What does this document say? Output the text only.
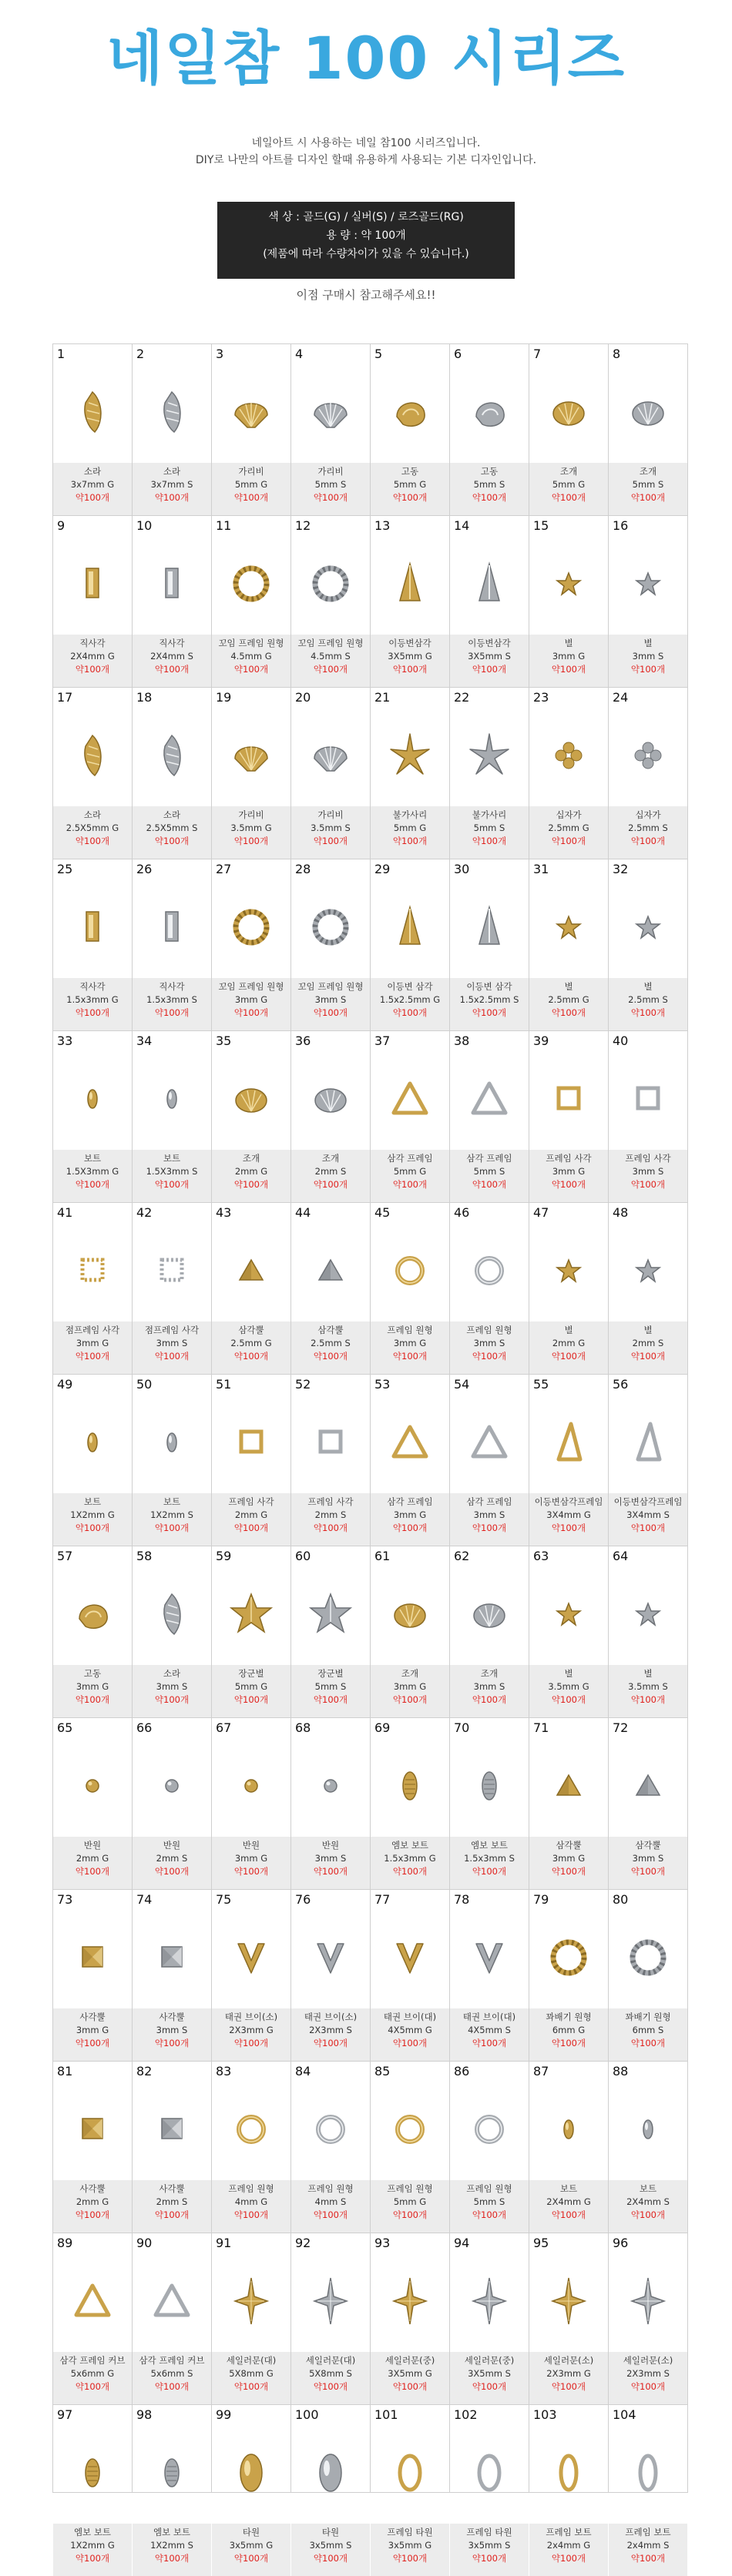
네일참 100 시리즈
네일아트 시 사용하는 네일 참100 시리즈입니다.
DIY로 나만의 아트를 디자인 할때 유용하게 사용되는 기본 디자인입니다.
색 상 : 골드(G) / 실버(S) / 로즈골드(RG)
용 량 : 약 100개
(제품에 따라 수량차이가 있을 수 있습니다.)
이점 구매시 참고해주세요!!
1
소라
3x7mm G
약100개
2
소라
3x7mm S
약100개
3
가리비
5mm G
약100개
4
가리비
5mm S
약100개
5
고동
5mm G
약100개
6
고동
5mm S
약100개
7
조개
5mm G
약100개
8
조개
5mm S
약100개
9
직사각
2X4mm G
약100개
10
직사각
2X4mm S
약100개
11
꼬임 프레임 원형
4.5mm G
약100개
12
꼬임 프레임 원형
4.5mm S
약100개
13
이등변삼각
3X5mm G
약100개
14
이등변삼각
3X5mm S
약100개
15
별
3mm G
약100개
16
별
3mm S
약100개
17
소라
2.5X5mm G
약100개
18
소라
2.5X5mm S
약100개
19
가리비
3.5mm G
약100개
20
가리비
3.5mm S
약100개
21
불가사리
5mm G
약100개
22
불가사리
5mm S
약100개
23
십자가
2.5mm G
약100개
24
십자가
2.5mm S
약100개
25
직사각
1.5x3mm G
약100개
26
직사각
1.5x3mm S
약100개
27
꼬임 프레임 원형
3mm G
약100개
28
꼬임 프레임 원형
3mm S
약100개
29
이등변 삼각
1.5x2.5mm G
약100개
30
이등변 삼각
1.5x2.5mm S
약100개
31
별
2.5mm G
약100개
32
별
2.5mm S
약100개
33
보트
1.5X3mm G
약100개
34
보트
1.5X3mm S
약100개
35
조개
2mm G
약100개
36
조개
2mm S
약100개
37
삼각 프레임
5mm G
약100개
38
삼각 프레임
5mm S
약100개
39
프레임 사각
3mm G
약100개
40
프레임 사각
3mm S
약100개
41
점프레임 사각
3mm G
약100개
42
점프레임 사각
3mm S
약100개
43
삼각뿔
2.5mm G
약100개
44
삼각뿔
2.5mm S
약100개
45
프레임 원형
3mm G
약100개
46
프레임 원형
3mm S
약100개
47
별
2mm G
약100개
48
별
2mm S
약100개
49
보트
1X2mm G
약100개
50
보트
1X2mm S
약100개
51
프레임 사각
2mm G
약100개
52
프레임 사각
2mm S
약100개
53
삼각 프레임
3mm G
약100개
54
삼각 프레임
3mm S
약100개
55
이등변삼각프레임
3X4mm G
약100개
56
이등변삼각프레임
3X4mm S
약100개
57
고동
3mm G
약100개
58
소라
3mm S
약100개
59
장군별
5mm G
약100개
60
장군별
5mm S
약100개
61
조개
3mm G
약100개
62
조개
3mm S
약100개
63
별
3.5mm G
약100개
64
별
3.5mm S
약100개
65
반원
2mm G
약100개
66
반원
2mm S
약100개
67
반원
3mm G
약100개
68
반원
3mm S
약100개
69
엠보 보트
1.5x3mm G
약100개
70
엠보 보트
1.5x3mm S
약100개
71
삼각뿔
3mm G
약100개
72
삼각뿔
3mm S
약100개
73
사각뿔
3mm G
약100개
74
사각뿔
3mm S
약100개
75
태권 브이(소)
2X3mm G
약100개
76
태권 브이(소)
2X3mm S
약100개
77
태권 브이(대)
4X5mm G
약100개
78
태권 브이(대)
4X5mm S
약100개
79
꽈배기 원형
6mm G
약100개
80
꽈배기 원형
6mm S
약100개
81
사각뿔
2mm G
약100개
82
사각뿔
2mm S
약100개
83
프레임 원형
4mm G
약100개
84
프레임 원형
4mm S
약100개
85
프레임 원형
5mm G
약100개
86
프레임 원형
5mm S
약100개
87
보트
2X4mm G
약100개
88
보트
2X4mm S
약100개
89
삼각 프레임 커브
5x6mm G
약100개
90
삼각 프레임 커브
5x6mm S
약100개
91
세일러문(대)
5X8mm G
약100개
92
세일러문(대)
5X8mm S
약100개
93
세일러문(중)
3X5mm G
약100개
94
세일러문(중)
3X5mm S
약100개
95
세일러문(소)
2X3mm G
약100개
96
세일러문(소)
2X3mm S
약100개
97
엠보 보트
1X2mm G
약100개
98
엠보 보트
1X2mm S
약100개
99
타원
3x5mm G
약100개
100
타원
3x5mm S
약100개
101
프레임 타원
3x5mm G
약100개
102
프레임 타원
3x5mm S
약100개
103
프레임 보트
2x4mm G
약100개
104
프레임 보트
2x4mm S
약100개
